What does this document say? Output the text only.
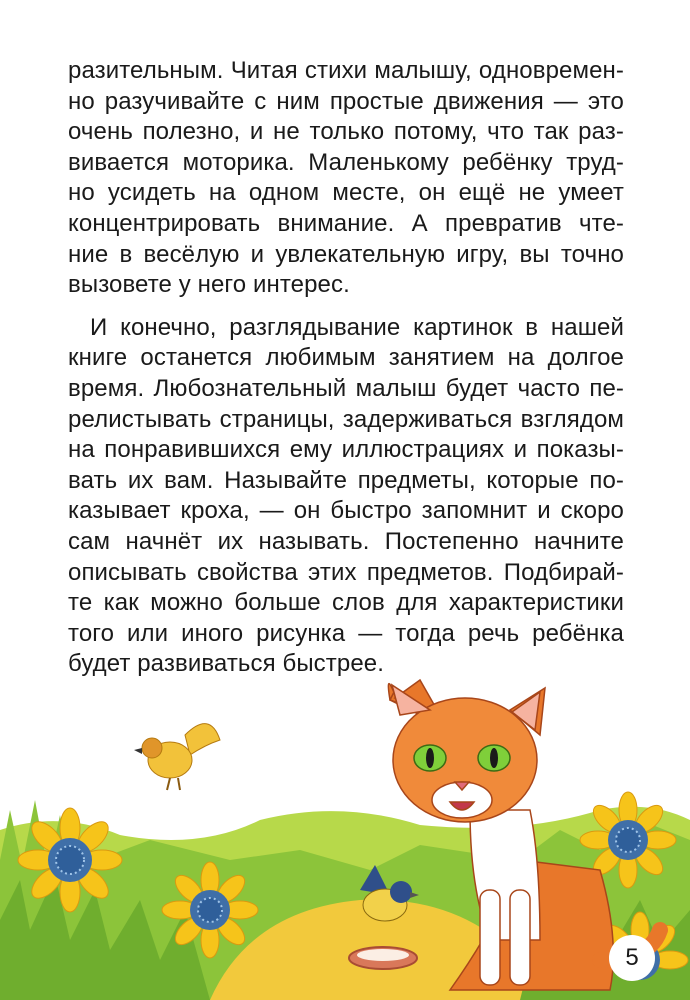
разительным. Читая стихи малышу, одновремен-
но разучивайте с ним простые движения — это
очень полезно, и не только потому, что так раз-
вивается моторика. Маленькому ребёнку труд-
но усидеть на одном месте, он ещё не умеет
концентрировать внимание. А превратив чте-
ние в весёлую и увлекательную игру, вы точно
вызовете у него интерес.

И конечно, разглядывание картинок в нашей
книге останется любимым занятием на долгое
время. Любознательный малыш будет часто пе-
релистывать страницы, задерживаться взглядом
на понравившихся ему иллюстрациях и показы-
вать их вам. Называйте предметы, которые по-
казывает кроха, — он быстро запомнит и скоро
сам начнёт их называть. Постепенно начните
описывать свойства этих предметов. Подбирай-
те как можно больше слов для характеристики
того или иного рисунка — тогда речь ребёнка
будет развиваться быстрее.

5
